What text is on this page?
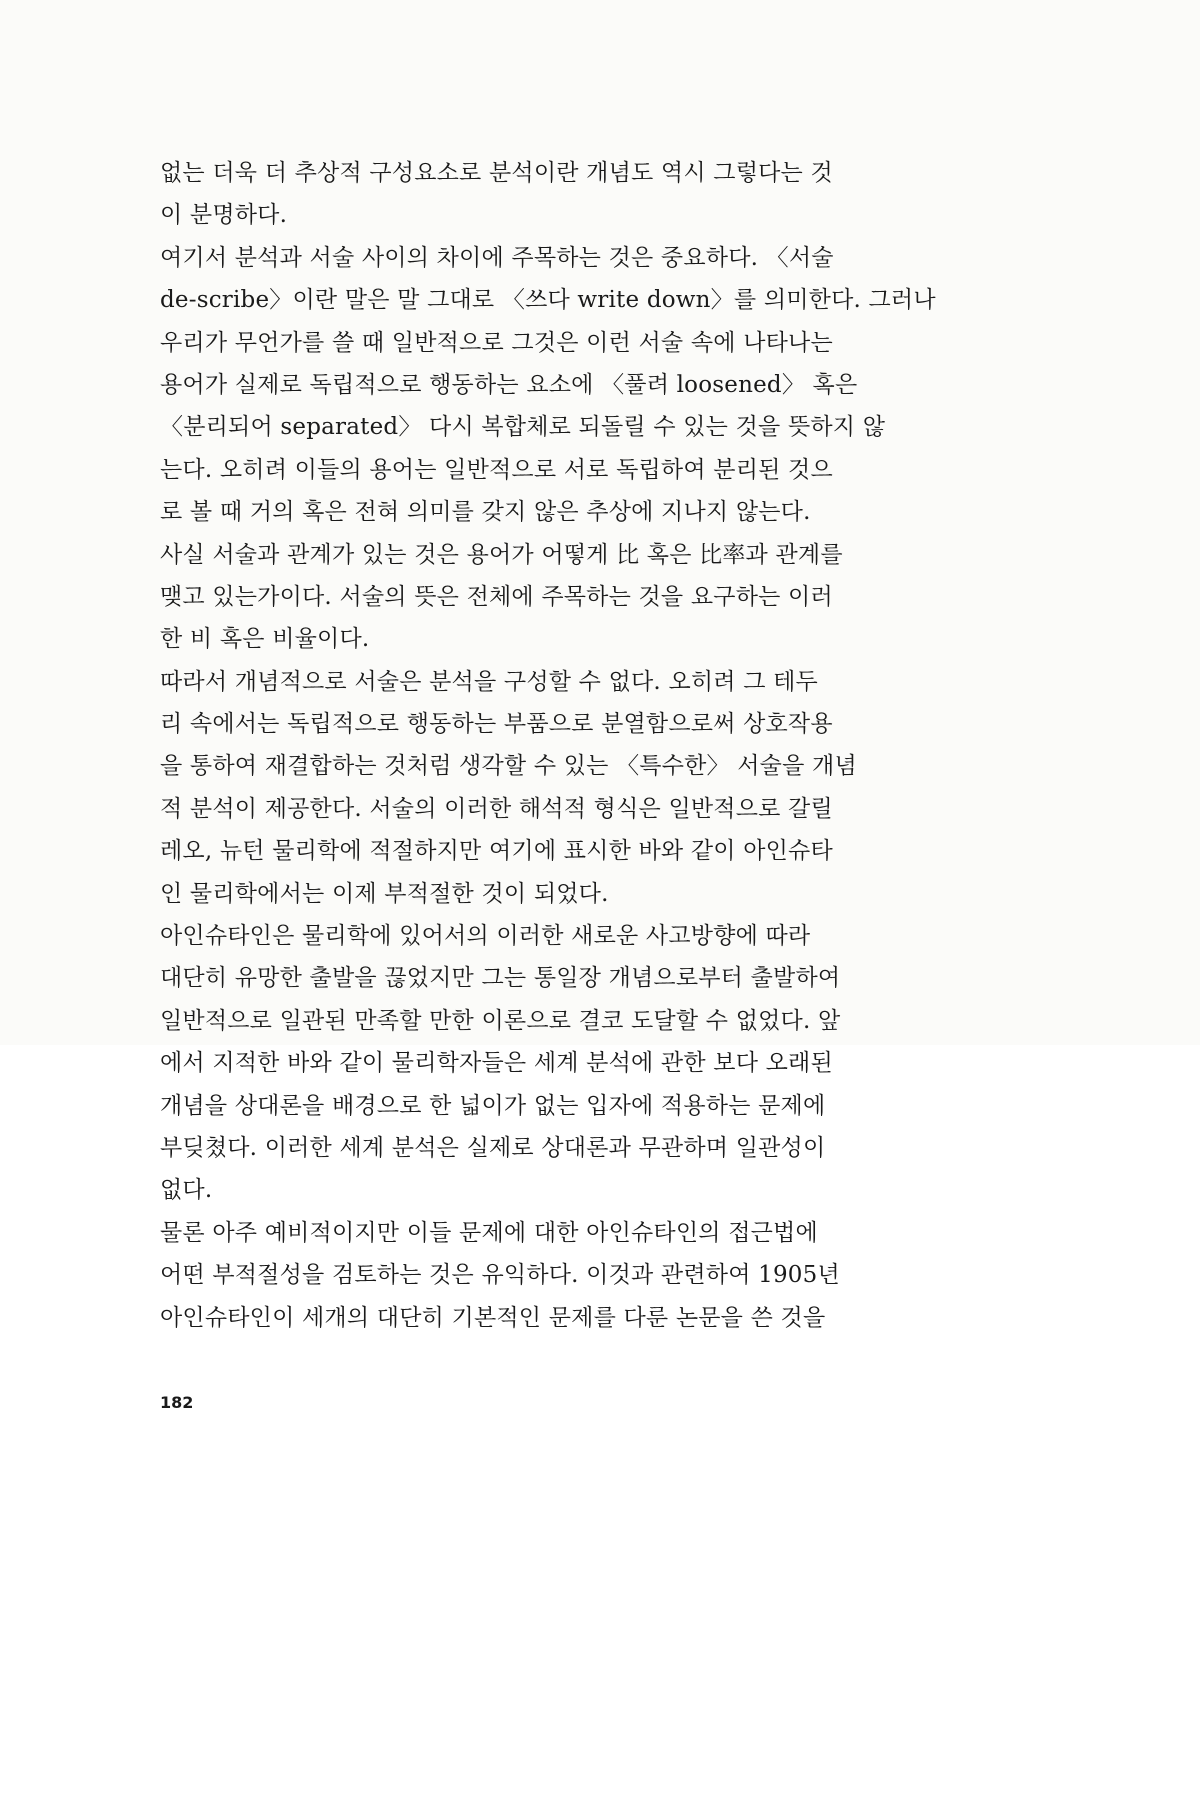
없는 더욱 더 추상적 구성요소로 분석이란 개념도 역시 그렇다는 것
이 분명하다.
여기서 분석과 서술 사이의 차이에 주목하는 것은 중요하다. 〈서술
de-scribe〉이란 말은 말 그대로 〈쓰다 write down〉를 의미한다. 그러나
우리가 무언가를 쓸 때 일반적으로 그것은 이런 서술 속에 나타나는
용어가 실제로 독립적으로 행동하는 요소에 〈풀려 loosened〉 혹은
〈분리되어 separated〉 다시 복합체로 되돌릴 수 있는 것을 뜻하지 않
는다. 오히려 이들의 용어는 일반적으로 서로 독립하여 분리된 것으
로 볼 때 거의 혹은 전혀 의미를 갖지 않은 추상에 지나지 않는다.
사실 서술과 관계가 있는 것은 용어가 어떻게 比 혹은 比率과 관계를
맺고 있는가이다. 서술의 뜻은 전체에 주목하는 것을 요구하는 이러
한 비 혹은 비율이다.
따라서 개념적으로 서술은 분석을 구성할 수 없다. 오히려 그 테두
리 속에서는 독립적으로 행동하는 부품으로 분열함으로써 상호작용
을 통하여 재결합하는 것처럼 생각할 수 있는 〈특수한〉 서술을 개념
적 분석이 제공한다. 서술의 이러한 해석적 형식은 일반적으로 갈릴
레오, 뉴턴 물리학에 적절하지만 여기에 표시한 바와 같이 아인슈타
인 물리학에서는 이제 부적절한 것이 되었다.
아인슈타인은 물리학에 있어서의 이러한 새로운 사고방향에 따라
대단히 유망한 출발을 끊었지만 그는 통일장 개념으로부터 출발하여
일반적으로 일관된 만족할 만한 이론으로 결코 도달할 수 없었다. 앞
에서 지적한 바와 같이 물리학자들은 세계 분석에 관한 보다 오래된
개념을 상대론을 배경으로 한 넓이가 없는 입자에 적용하는 문제에
부딪쳤다. 이러한 세계 분석은 실제로 상대론과 무관하며 일관성이
없다.
물론 아주 예비적이지만 이들 문제에 대한 아인슈타인의 접근법에
어떤 부적절성을 검토하는 것은 유익하다. 이것과 관련하여 1905년
아인슈타인이 세개의 대단히 기본적인 문제를 다룬 논문을 쓴 것을
182
